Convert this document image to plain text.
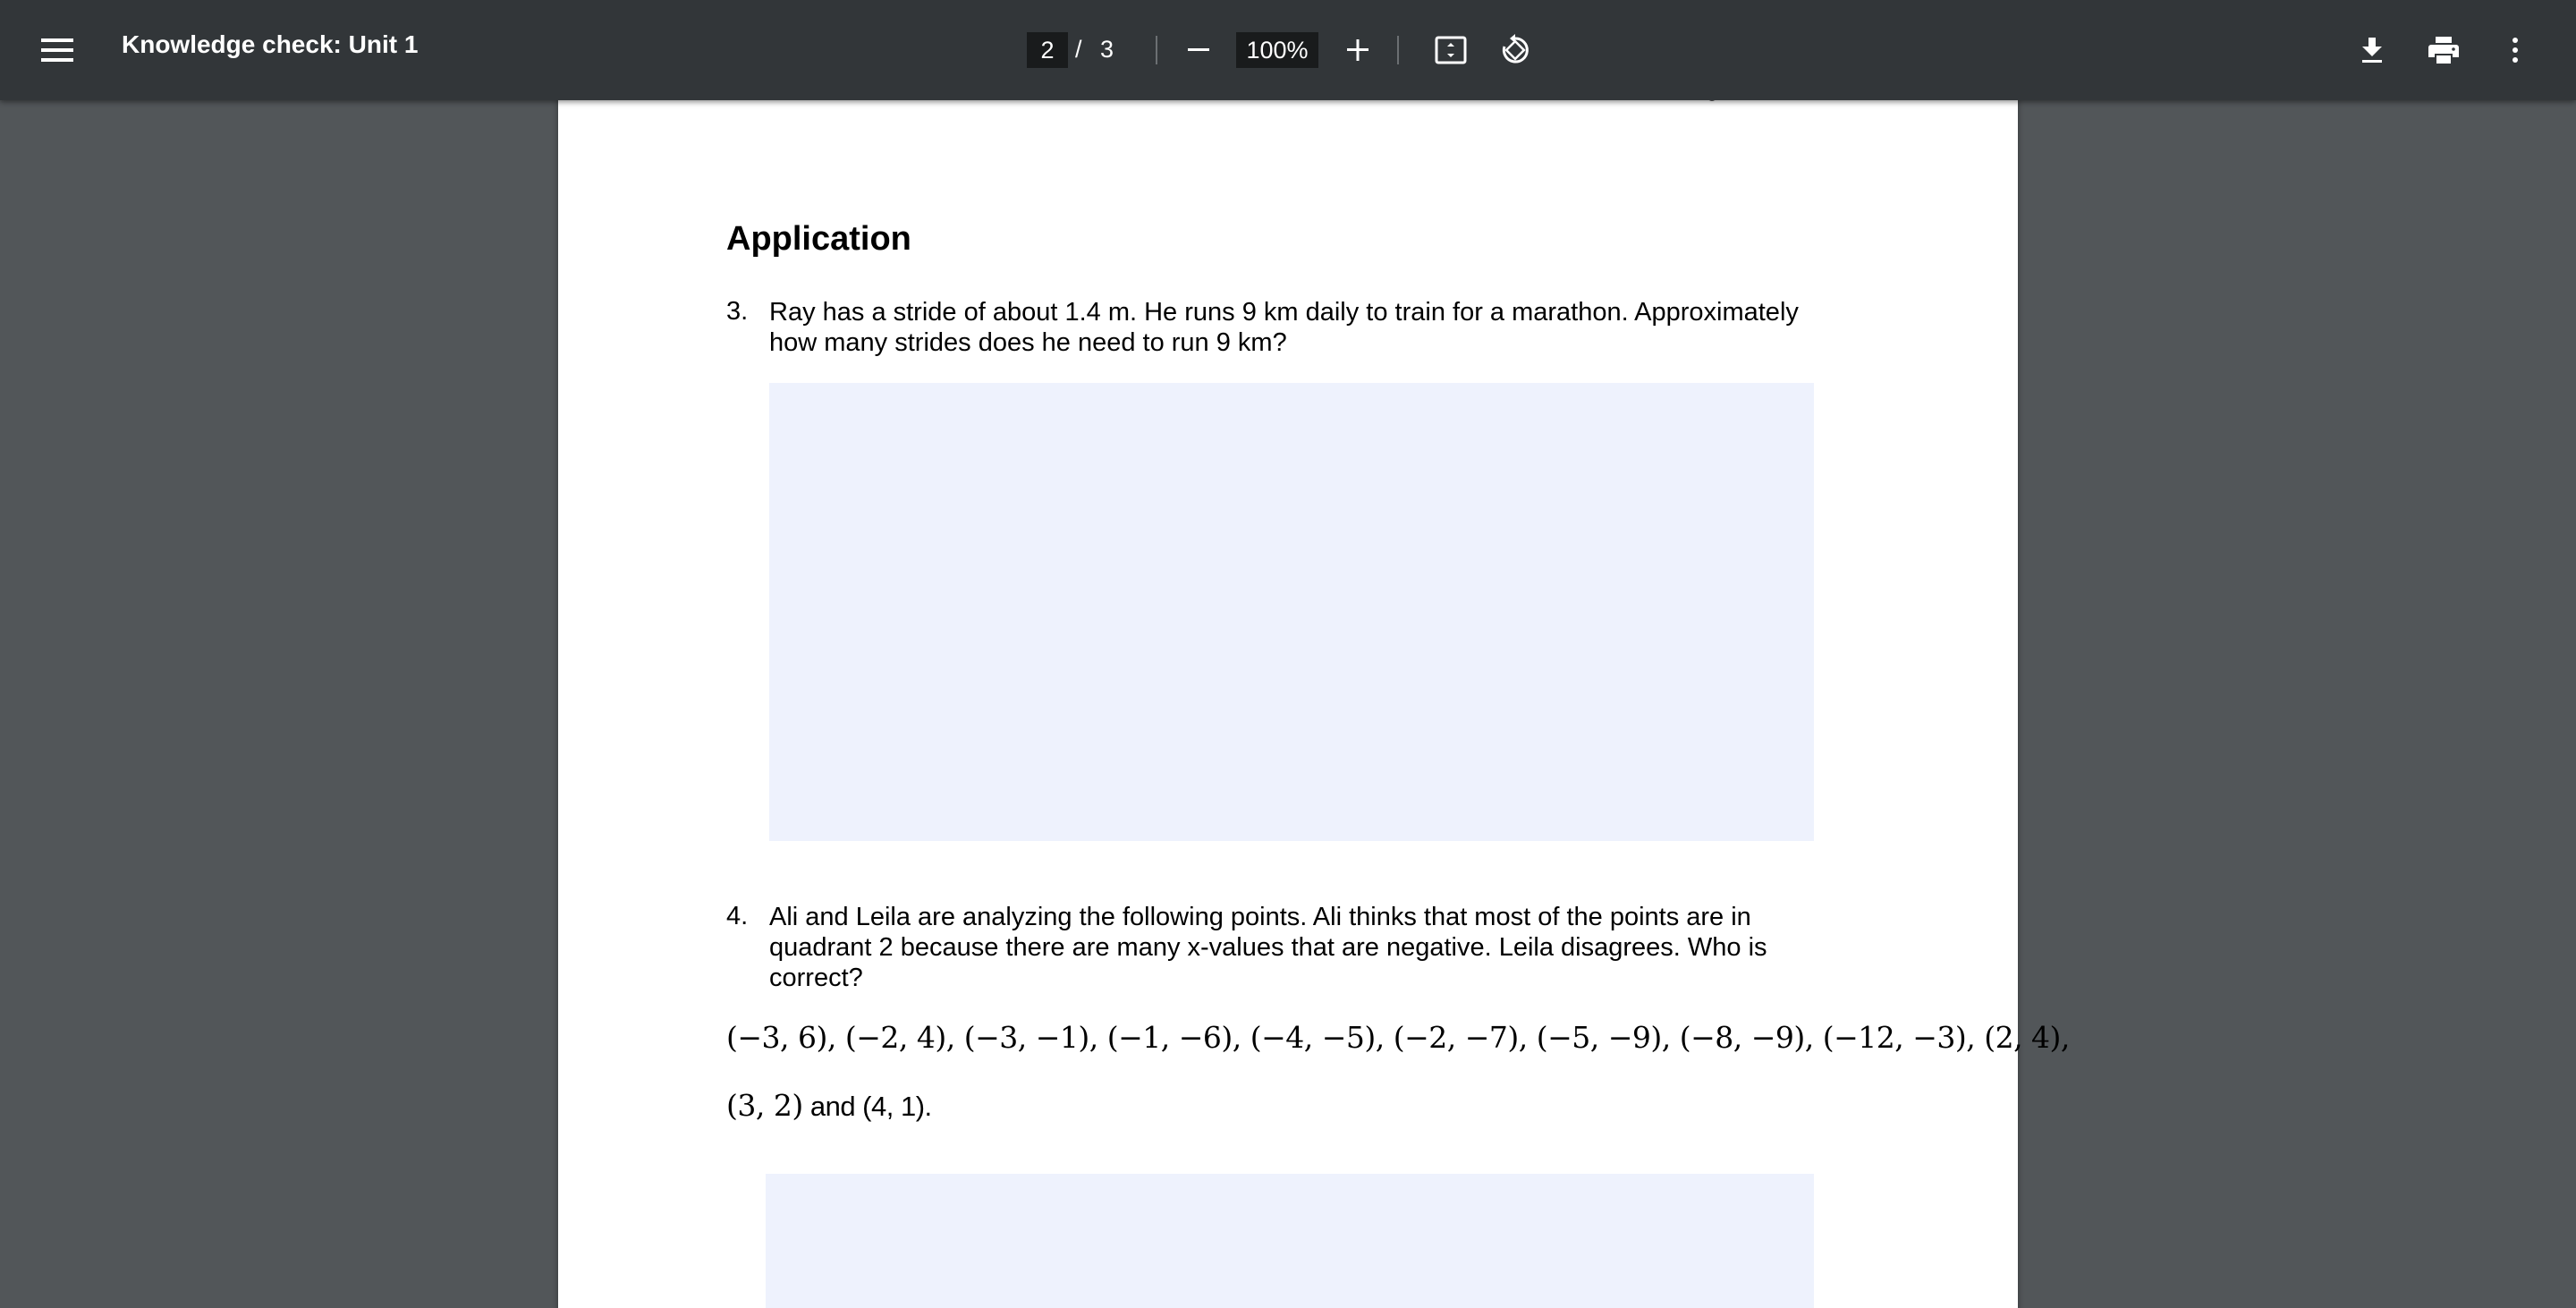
Knowledge check: Unit 1
2	/ 3
100%
Application
3. Ray has a stride of about 1.4 m. He runs 9 km daily to train for a marathon. Approximately how many strides does he need to run 9 km?
4. Ali and Leila are analyzing the following points. Ali thinks that most of the points are in quadrant 2 because there are many x-values that are negative. Leila disagrees. Who is correct?
(−3, 6), (−2, 4), (−3, −1), (−1, −6), (−4, −5), (−2, −7), (−5, −9), (−8, −9), (−12, −3), (2, 4),
(3, 2) and (4, 1).
